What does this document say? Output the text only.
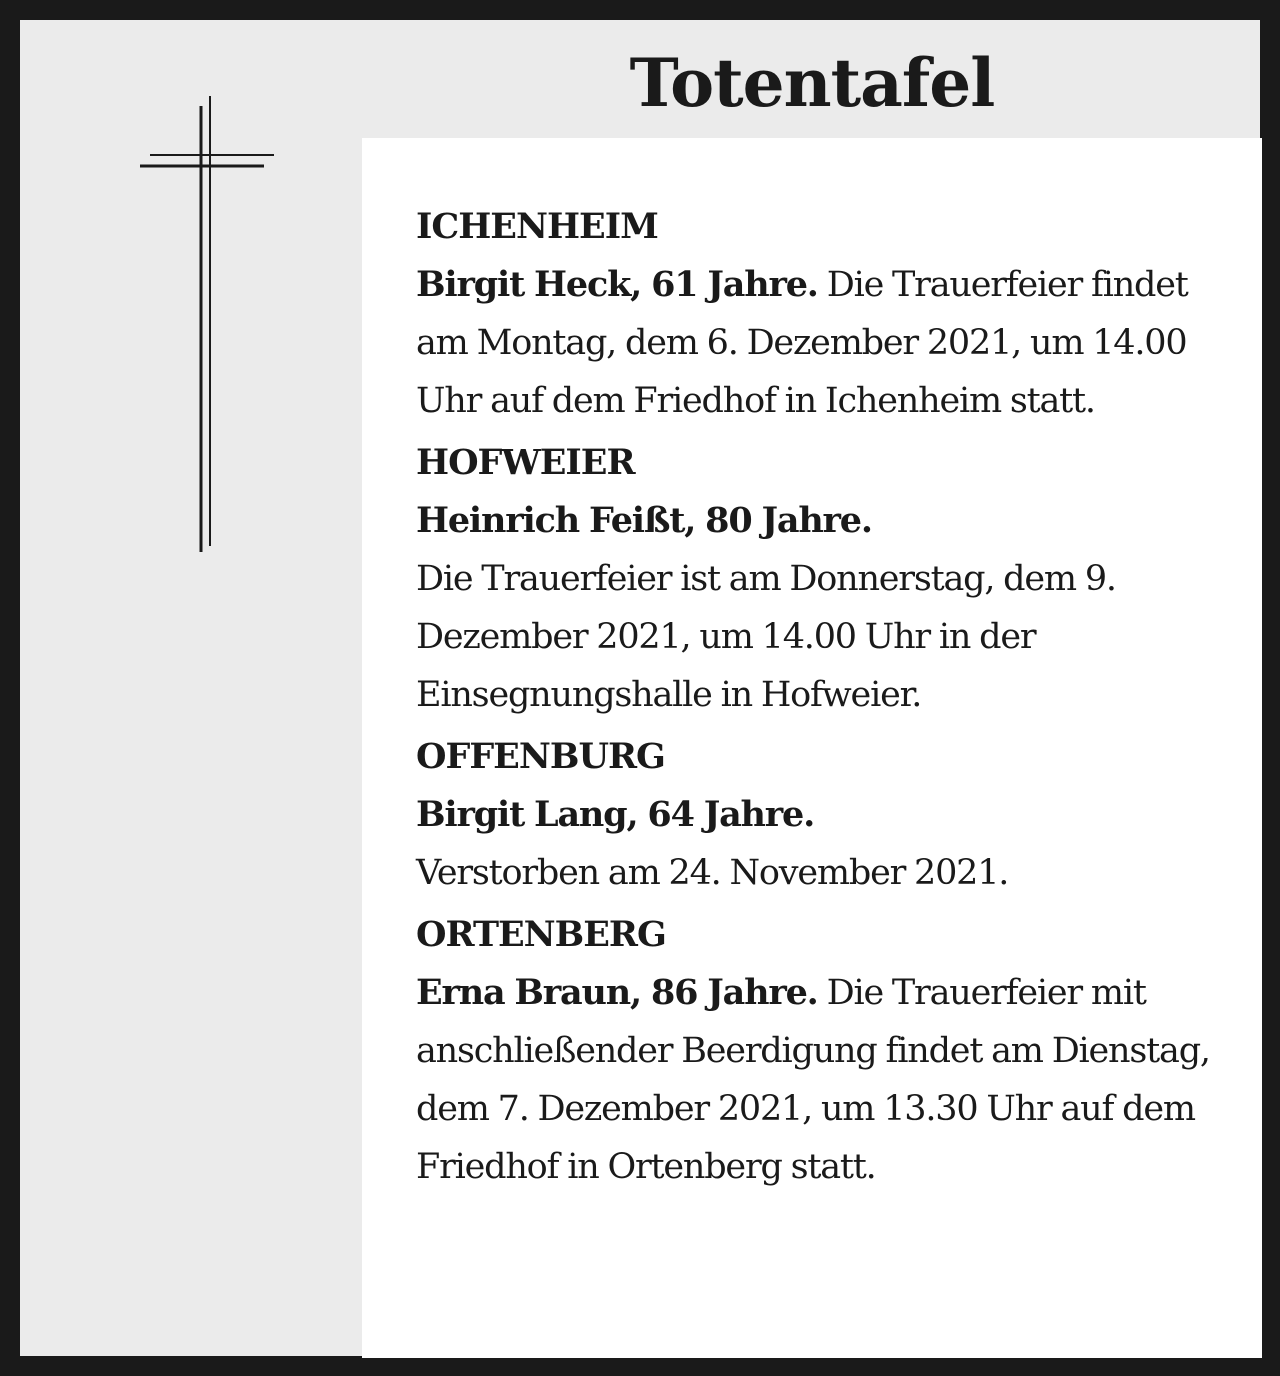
Totentafel
ICHENHEIM
Birgit Heck, 61 Jahre. Die Trauerfeier findet am Montag, dem 6. Dezember 2021, um 14.00 Uhr auf dem Friedhof in Ichenheim statt.
HOFWEIER
Heinrich Feißt, 80 Jahre.
Die Trauerfeier ist am Donnerstag, dem 9. Dezember 2021, um 14.00 Uhr in der Einsegnungshalle in Hofweier.
OFFENBURG
Birgit Lang, 64 Jahre.
Verstorben am 24. November 2021.
ORTENBERG
Erna Braun, 86 Jahre. Die Trauerfeier mit anschließender Beerdigung findet am Dienstag, dem 7. Dezember 2021, um 13.30 Uhr auf dem Friedhof in Ortenberg statt.
